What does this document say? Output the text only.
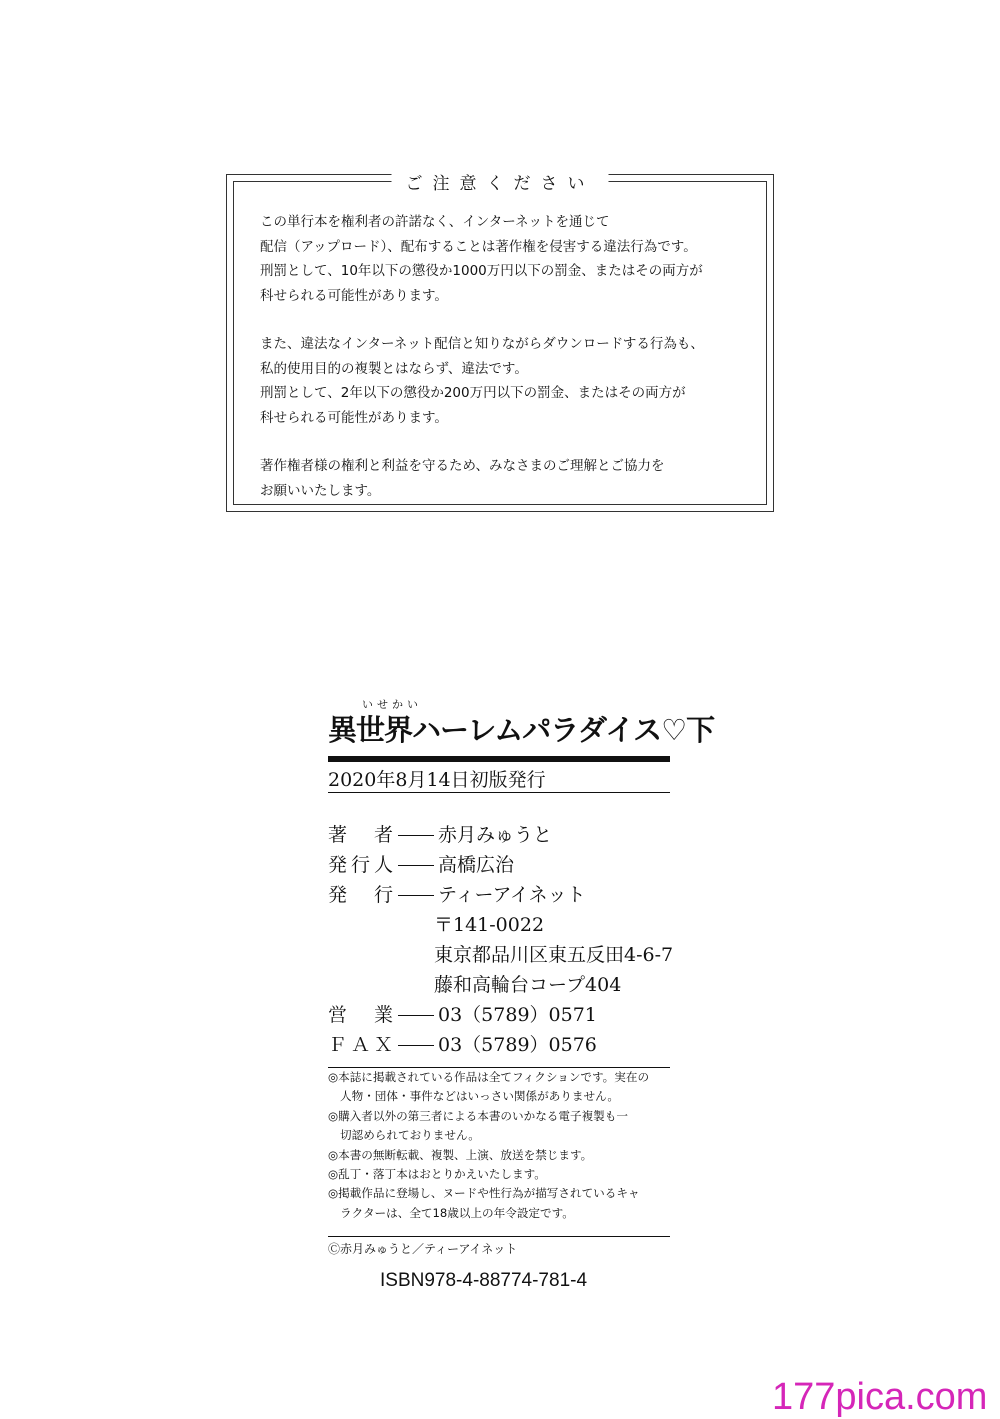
ご注意ください

この単行本を権利者の許諾なく、インターネットを通じて
配信（アップロード）、配布することは著作権を侵害する違法行為です。
刑罰として、10年以下の懲役か1000万円以下の罰金、またはその両方が
科せられる可能性があります。

また、違法なインターネット配信と知りながらダウンロードする行為も、
私的使用目的の複製とはならず、違法です。
刑罰として、2年以下の懲役か200万円以下の罰金、またはその両方が
科せられる可能性があります。

著作権者様の権利と利益を守るため、みなさまのご理解とご協力を
お願いいたします。

いせかい
異世界ハーレムパラダイス♡下
2020年8月14日初版発行
著　者 赤月みゅうと
発行人 高橋広治
発　行 ティーアイネット
〒141-0022
東京都品川区東五反田4-6-7
藤和高輪台コープ404
営　業 03（5789）0571
ＦＡＸ 03（5789）0576
◎本誌に掲載されている作品は全てフィクションです。実在の
人物・団体・事件などはいっさい関係がありません。
◎購入者以外の第三者による本書のいかなる電子複製も一
切認められておりません。
◎本書の無断転載、複製、上演、放送を禁じます。
◎乱丁・落丁本はおとりかえいたします。
◎掲載作品に登場し、ヌードや性行為が描写されているキャ
ラクターは、全て18歳以上の年令設定です。
Ⓒ赤月みゅうと／ティーアイネット
ISBN978-4-88774-781-4
177pica.com
